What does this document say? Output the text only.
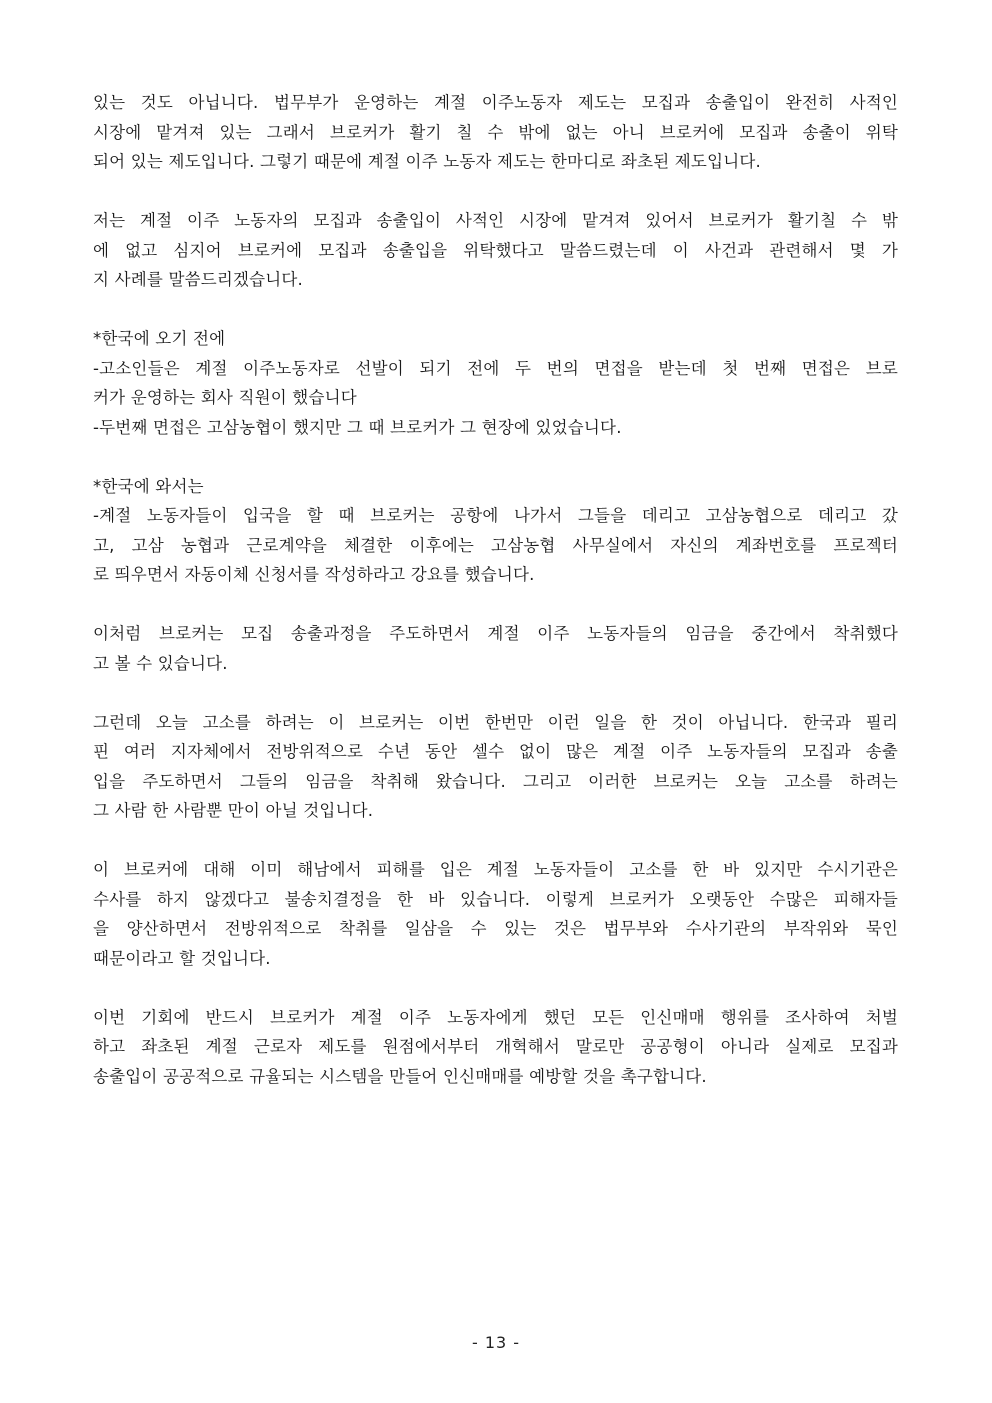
있는 것도 아닙니다. 법무부가 운영하는 계절 이주노동자 제도는 모집과 송출입이 완전히 사적인
시장에 맡겨져 있는 그래서 브로커가 활기 칠 수 밖에 없는 아니 브로커에 모집과 송출이 위탁
되어 있는 제도입니다. 그렇기 때문에 계절 이주 노동자 제도는 한마디로 좌초된 제도입니다.
저는 계절 이주 노동자의 모집과 송출입이 사적인 시장에 맡겨져 있어서 브로커가 활기칠 수 밖
에 없고 심지어 브로커에 모집과 송출입을 위탁했다고 말씀드렸는데 이 사건과 관련해서 몇 가
지 사례를 말씀드리겠습니다.
*한국에 오기 전에
-고소인들은 계절 이주노동자로 선발이 되기 전에 두 번의 면접을 받는데 첫 번째 면접은 브로
커가 운영하는 회사 직원이 했습니다
-두번째 면접은 고삼농협이 했지만 그 때 브로커가 그 현장에 있었습니다.
*한국에 와서는
-계절 노동자들이 입국을 할 때 브로커는 공항에 나가서 그들을 데리고 고삼농협으로 데리고 갔
고, 고삼 농협과 근로계약을 체결한 이후에는 고삼농협 사무실에서 자신의 계좌번호를 프로젝터
로 띄우면서 자동이체 신청서를 작성하라고 강요를 했습니다.
이처럼 브로커는 모집 송출과정을 주도하면서 계절 이주 노동자들의 임금을 중간에서 착취했다
고 볼 수 있습니다.
그런데 오늘 고소를 하려는 이 브로커는 이번 한번만 이런 일을 한 것이 아닙니다. 한국과 필리
핀 여러 지자체에서 전방위적으로 수년 동안 셀수 없이 많은 계절 이주 노동자들의 모집과 송출
입을 주도하면서 그들의 임금을 착취해 왔습니다. 그리고 이러한 브로커는 오늘 고소를 하려는
그 사람 한 사람뿐 만이 아닐 것입니다.
이 브로커에 대해 이미 해남에서 피해를 입은 계절 노동자들이 고소를 한 바 있지만 수시기관은
수사를 하지 않겠다고 불송치결정을 한 바 있습니다. 이렇게 브로커가 오랫동안 수많은 피해자들
을 양산하면서 전방위적으로 착취를 일삼을 수 있는 것은 법무부와 수사기관의 부작위와 묵인
때문이라고 할 것입니다.
이번 기회에 반드시 브로커가 계절 이주 노동자에게 했던 모든 인신매매 행위를 조사하여 처벌
하고 좌초된 계절 근로자 제도를 원점에서부터 개혁해서 말로만 공공형이 아니라 실제로 모집과
송출입이 공공적으로 규율되는 시스템을 만들어 인신매매를 예방할 것을 촉구합니다.
- 13 -
